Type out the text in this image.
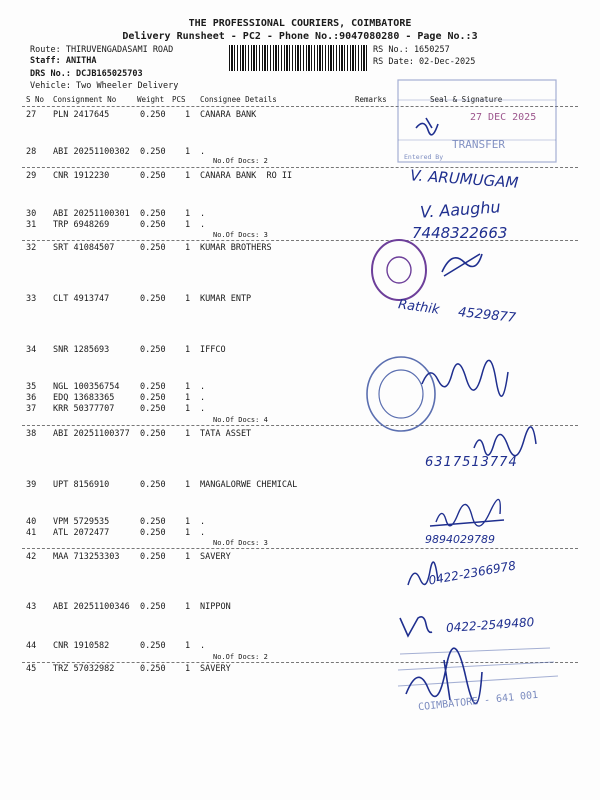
THE PROFESSIONAL COURIERS, COIMBATORE
Delivery Runsheet - PC2 - Phone No.:9047080280 - Page No.:3
Route: THIRUVENGADASAMI ROAD
Staff: ANITHA
DRS No.: DCJB165025703
Vehicle: Two Wheeler Delivery
RS No.: 1650257
RS Date: 02-Dec-2025
S No Consignment No	Weight PCS Consignee Details	Remarks	Seal & Signature
27 PLN 2417645	0.250 1 CANARA BANK
28 ABI 20251100302 0.250 1 .
No.Of Docs: 2
29 CNR 1912230	0.250 1 CANARA BANK  RO II
30 ABI 20251100301 0.250 1 .
31 TRP 6948269	0.250 1 .
No.Of Docs: 3
32 SRT 41084507	0.250 1 KUMAR BROTHERS
33 CLT 4913747	0.250 1 KUMAR ENTP
34 SNR 1285693	0.250 1 IFFCO
35 NGL 100356754 0.250 1 .
36 EDQ 13683365	0.250 1 .
37 KRR 50377707	0.250 1 .
No.Of Docs: 4
38 ABI 20251100377 0.250 1 TATA ASSET
39 UPT 8156910	0.250 1 MANGALORWE CHEMICAL
40 VPM 5729535	0.250 1 .
41 ATL 2072477	0.250 1 .
No.Of Docs: 3
42 MAA 713253303 0.250 1 SAVERY
43 ABI 20251100346 0.250 1 NIPPON
44 CNR 1910582	0.250 1 .
No.Of Docs: 2
45 TRZ 57032982	0.250 1 SAVERY
27 DEC 2025
TRANSFER
Entered By
V. ARUMUGAM
V. Aaughu
7448322663
Rathik 4529877
6317513774
9894029789
0422-2366978
0422-2549480
COIMBATORE - 641 001
